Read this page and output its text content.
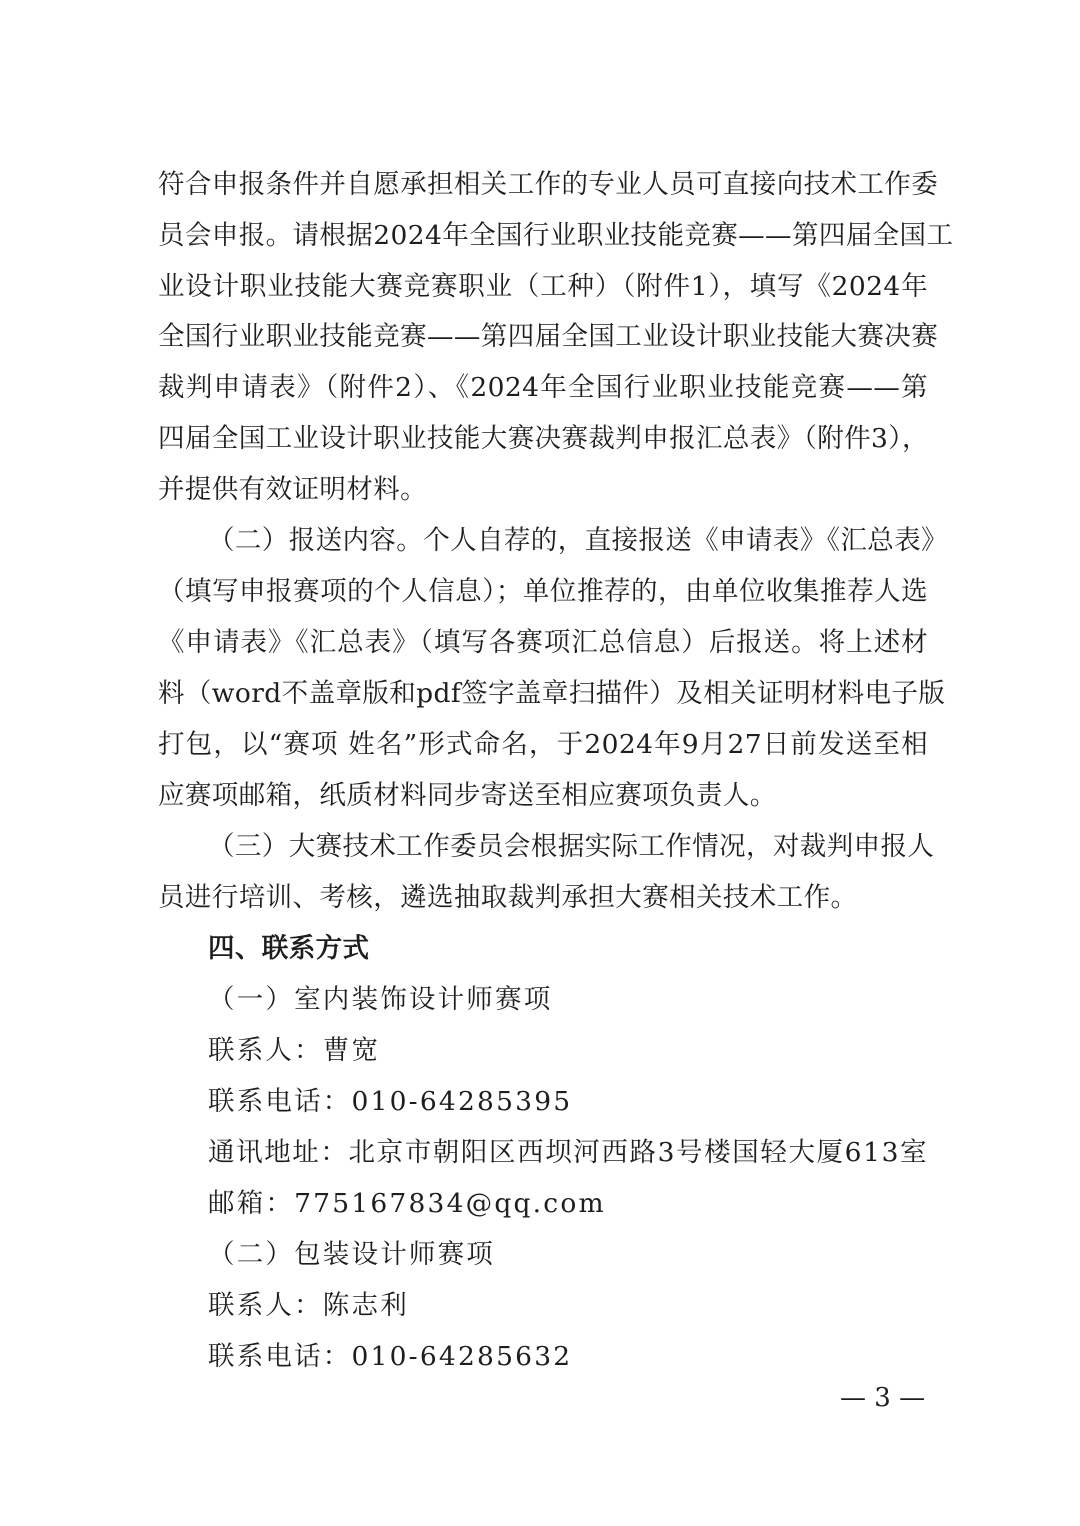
符合申报条件并自愿承担相关工作的专业人员可直接向技术工作委
员会申报。请根据2024年全国行业职业技能竞赛——第四届全国工
业设计职业技能大赛竞赛职业（工种）（附件1），填写《2024年
全国行业职业技能竞赛——第四届全国工业设计职业技能大赛决赛
裁判申请表》（附件2）、《2024年全国行业职业技能竞赛——第
四届全国工业设计职业技能大赛决赛裁判申报汇总表》（附件3），
并提供有效证明材料。
（二）报送内容。个人自荐的，直接报送《申请表》《汇总表》
（填写申报赛项的个人信息）；单位推荐的，由单位收集推荐人选
《申请表》《汇总表》（填写各赛项汇总信息）后报送。将上述材
料（word不盖章版和pdf签字盖章扫描件）及相关证明材料电子版
打包，以“赛项 姓名”形式命名，于2024年9月27日前发送至相
应赛项邮箱，纸质材料同步寄送至相应赛项负责人。
（三）大赛技术工作委员会根据实际工作情况，对裁判申报人
员进行培训、考核，遴选抽取裁判承担大赛相关技术工作。
四、联系方式
（一）室内装饰设计师赛项
联系人：曹宽
联系电话：010-64285395
通讯地址：北京市朝阳区西坝河西路3号楼国轻大厦613室
邮箱：775167834@qq.com
（二）包装设计师赛项
联系人：陈志利
联系电话：010-64285632
— 3 —
